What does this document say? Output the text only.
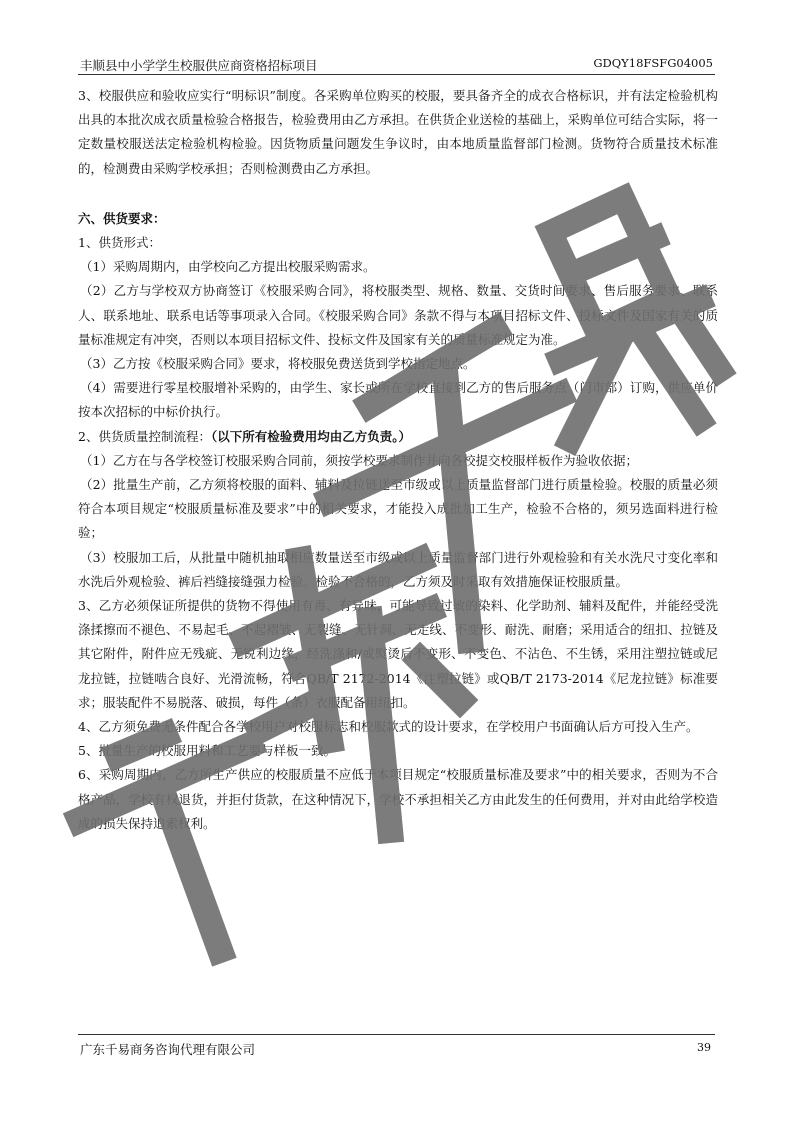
丰顺县中小学学生校服供应商资格招标项目	GDQY18FSFG04005

3、校服供应和验收应实行“明标识”制度。各采购单位购买的校服，要具备齐全的成衣合格标识，并有法定检验机构出具的本批次成衣质量检验合格报告，检验费用由乙方承担。在供货企业送检的基础上，采购单位可结合实际，将一定数量校服送法定检验机构检验。因货物质量问题发生争议时，由本地质量监督部门检测。货物符合质量技术标准的，检测费由采购学校承担；否则检测费由乙方承担。

六、供货要求：

1、供货形式：

（1）采购周期内，由学校向乙方提出校服采购需求。

（2）乙方与学校双方协商签订《校服采购合同》，将校服类型、规格、数量、交货时间要求、售后服务要求、联系人、联系地址、联系电话等事项录入合同。《校服采购合同》条款不得与本项目招标文件、投标文件及国家有关的质量标准规定有冲突，否则以本项目招标文件、投标文件及国家有关的质量标准规定为准。

（3）乙方按《校服采购合同》要求，将校服免费送货到学校指定地点。

（4）需要进行零星校服增补采购的，由学生、家长或所在学校直接到乙方的售后服务点（门市部）订购，供应单价按本次招标的中标价执行。

2、供货质量控制流程：（以下所有检验费用均由乙方负责。）

（1）乙方在与各学校签订校服采购合同前，须按学校要求制作并向各校提交校服样板作为验收依据；

（2）批量生产前，乙方须将校服的面料、辅料及拉链送至市级或以上质量监督部门进行质量检验。校服的质量必须符合本项目规定“校服质量标准及要求”中的相关要求，才能投入成批加工生产，检验不合格的，须另选面料进行检验；

（3）校服加工后，从批量中随机抽取相应数量送至市级或以上质量监督部门进行外观检验和有关水洗尺寸变化率和水洗后外观检验、裤后裆缝接缝强力检验。检验不合格的，乙方须及时采取有效措施保证校服质量。

3、乙方必须保证所提供的货物不得使用有毒、有异味，可能导致过敏的染料、化学助剂、辅料及配件，并能经受洗涤揉擦而不褪色、不易起毛、不起褶皱、无裂缝、无针洞、无走线、不变形、耐洗、耐磨；采用适合的纽扣、拉链及其它附件，附件应无残疵、无锐利边缘，经洗涤和/或熨烫后不变形、不变色、不沾色、不生锈，采用注塑拉链或尼龙拉链，拉链啮合良好、光滑流畅，符合QB/T 2172-2014《注塑拉链》或QB/T 2173-2014《尼龙拉链》标准要求；服装配件不易脱落、破损，每件（条）衣服配备用纽扣。

4、乙方须免费无条件配合各学校用户对校服标志和校服款式的设计要求，在学校用户书面确认后方可投入生产。

5、批量生产的校服用料和工艺要与样板一致。

6、采购周期内，乙方所生产供应的校服质量不应低于本项目规定“校服质量标准及要求”中的相关要求，否则为不合格产品，学校有权退货，并拒付货款，在这种情况下，学校不承担相关乙方由此发生的任何费用，并对由此给学校造成的损失保持追索权利。

广东千易商务咨询代理有限公司	39
